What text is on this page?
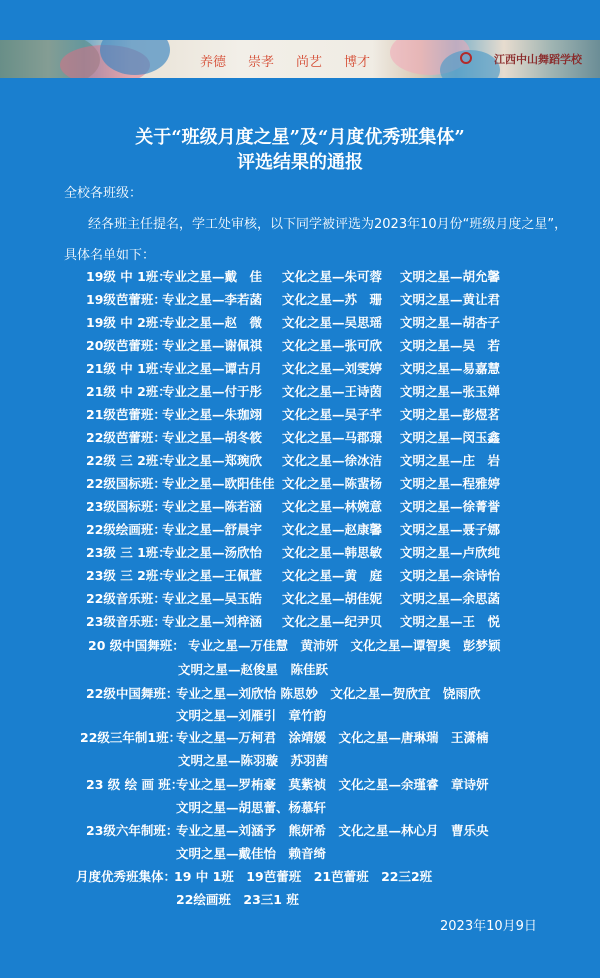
养德 崇孝 尚艺 博才	江西中山舞蹈学校
关于“班级月度之星”及“月度优秀班集体”
评选结果的通报
全校各班级：
经各班主任提名，学工处审核，以下同学被评选为2023年10月份“班级月度之星”，
具体名单如下：
19级 中 1班：
专业之星—戴　佳 文化之星—朱可蓉 文明之星—胡允馨
19级芭蕾班：
专业之星—李若菡 文化之星—苏　珊 文明之星—黄让君
19级 中 2班：
专业之星—赵　微 文化之星—吴思瑶 文明之星—胡杏子
20级芭蕾班：
专业之星—谢佩祺 文化之星—张可欣 文明之星—吴　若
21级 中 1班：
专业之星—谭古月 文化之星—刘雯婷 文明之星—易嘉慧
21级 中 2班：
专业之星—付于彤 文化之星—王诗茵 文明之星—张玉婵
21级芭蕾班：
专业之星—朱珈翊 文化之星—吴子芊 文明之星—彭煜茗
22级芭蕾班：
专业之星—胡冬筱 文化之星—马郡璟 文明之星—闵玉鑫
22级 三 2班：
专业之星—郑琬欣 文化之星—徐冰洁 文明之星—庄　岩
22级国标班：
专业之星—欧阳佳佳 文化之星—陈蜚杨 文明之星—程雅婷
23级国标班：
专业之星—陈若涵 文化之星—林婉意 文明之星—徐菁誉
22级绘画班：
专业之星—舒晨宇 文化之星—赵康馨 文明之星—聂子娜
23级 三 1班：
专业之星—汤欣怡 文化之星—韩思敏 文明之星—卢欣纯
23级 三 2班：
专业之星—王佩萱 文化之星—黄　庭 文明之星—余诗怡
22级音乐班：
专业之星—吴玉皓 文化之星—胡佳妮 文明之星—余思菡
23级音乐班：
专业之星—刘梓涵 文化之星—纪尹贝 文明之星—王　悦
20 级中国舞班： 专业之星—万佳慧　黄沛妍　文化之星—谭智奥　彭梦颖
文明之星—赵俊星　陈佳跃
22级中国舞班：
专业之星—刘欣怡 陈思妙　文化之星—贺欣宜　饶雨欣
文明之星—刘雁引　章竹韵
22级三年制1班：
专业之星—万柯君　涂靖媛　文化之星—唐琳瑞　王潇楠
文明之星—陈羽璇　苏羽茜
23 级 绘 画 班：
专业之星—罗栯豪　莫紫祯　文化之星—余瑾睿　章诗妍
文明之星—胡思蕾、杨慕轩
23级六年制班：
专业之星—刘涵予　熊妍希　文化之星—林心月　曹乐央
文明之星—戴佳怡　赖音绮
月度优秀班集体：
19 中 1班　19芭蕾班　21芭蕾班　22三2班
22绘画班　23三1 班
2023年10月9日
